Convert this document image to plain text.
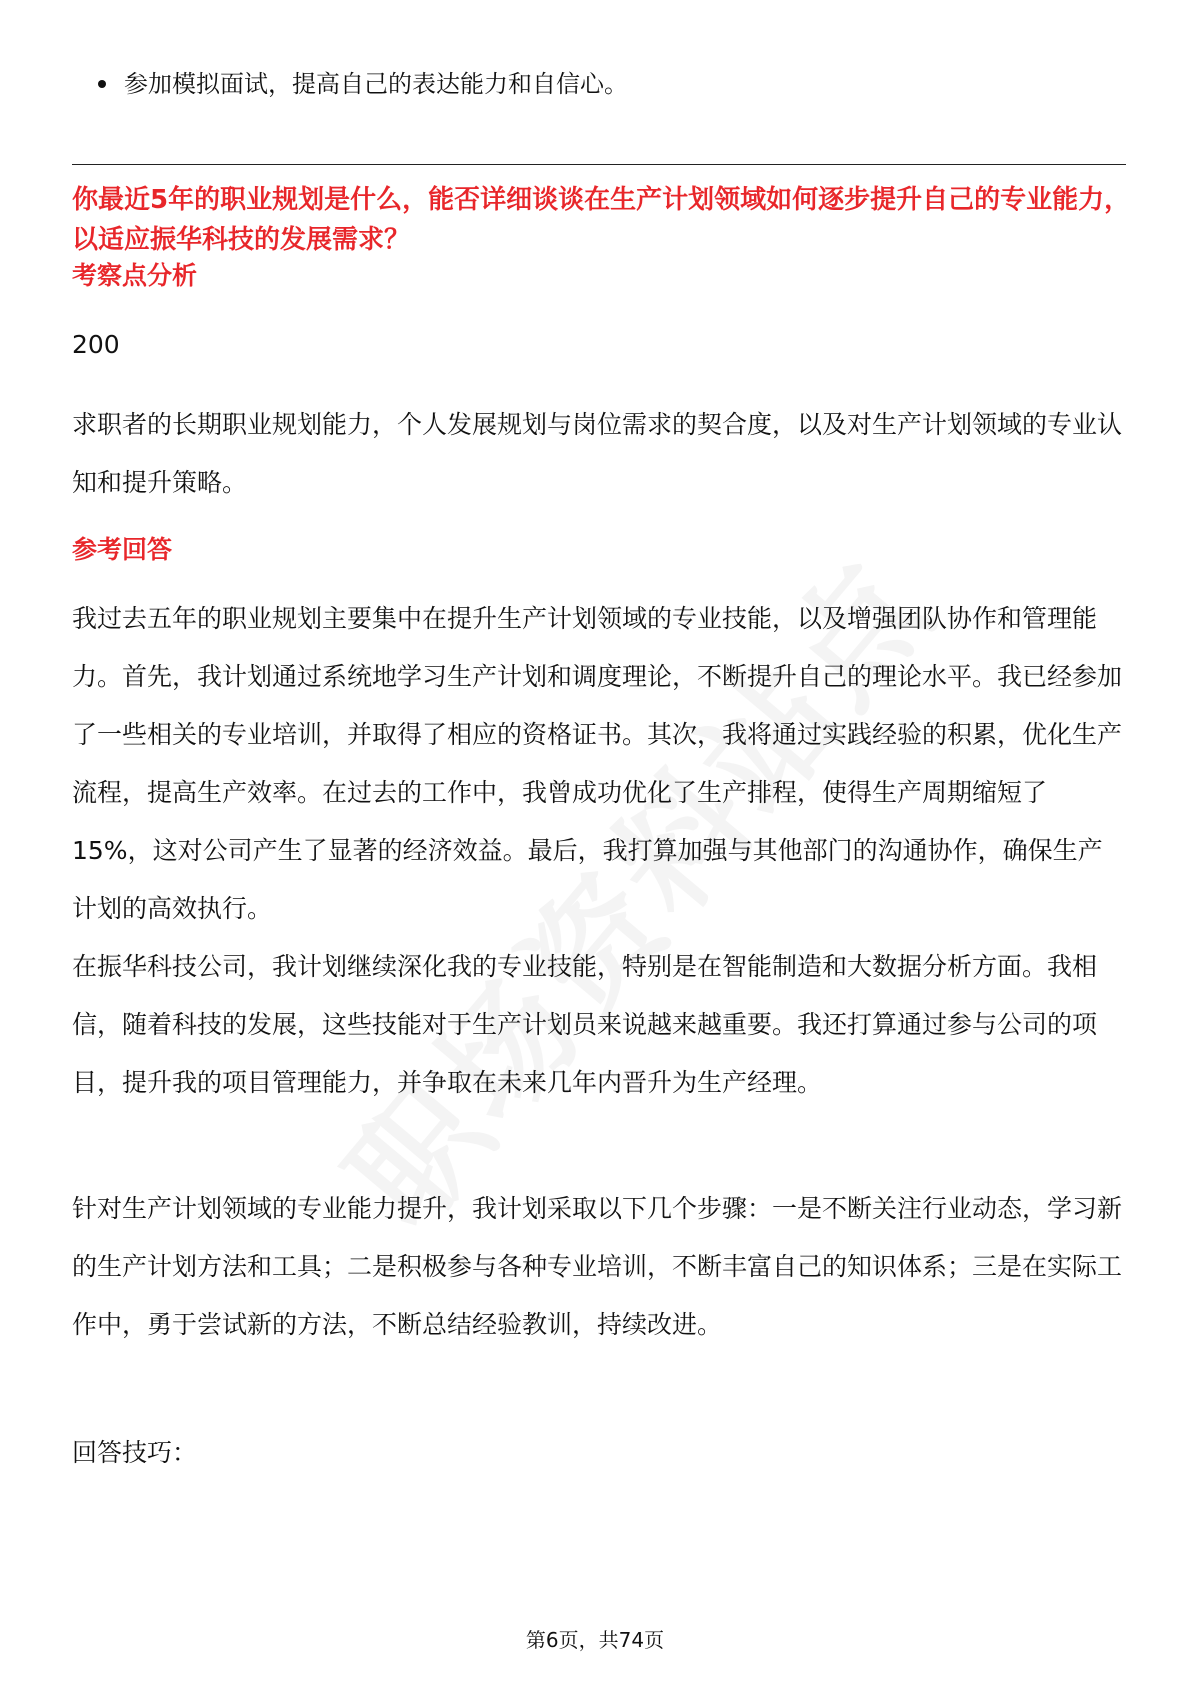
参加模拟面试，提高自己的表达能力和自信心。
你最近5年的职业规划是什么，能否详细谈谈在生产计划领域如何逐步提升自己的专业能力，以适应振华科技的发展需求？
考察点分析

200

求职者的长期职业规划能力，个人发展规划与岗位需求的契合度，以及对生产计划领域的专业认知和提升策略。

参考回答

我过去五年的职业规划主要集中在提升生产计划领域的专业技能，以及增强团队协作和管理能力。首先，我计划通过系统地学习生产计划和调度理论，不断提升自己的理论水平。我已经参加了一些相关的专业培训，并取得了相应的资格证书。其次，我将通过实践经验的积累，优化生产流程，提高生产效率。在过去的工作中，我曾成功优化了生产排程，使得生产周期缩短了15%，这对公司产生了显著的经济效益。最后，我打算加强与其他部门的沟通协作，确保生产计划的高效执行。

在振华科技公司，我计划继续深化我的专业技能，特别是在智能制造和大数据分析方面。我相信，随着科技的发展，这些技能对于生产计划员来说越来越重要。我还打算通过参与公司的项目，提升我的项目管理能力，并争取在未来几年内晋升为生产经理。

针对生产计划领域的专业能力提升，我计划采取以下几个步骤：一是不断关注行业动态，学习新的生产计划方法和工具；二是积极参与各种专业培训，不断丰富自己的知识体系；三是在实际工作中，勇于尝试新的方法，不断总结经验教训，持续改进。

回答技巧：

第6页，共74页
